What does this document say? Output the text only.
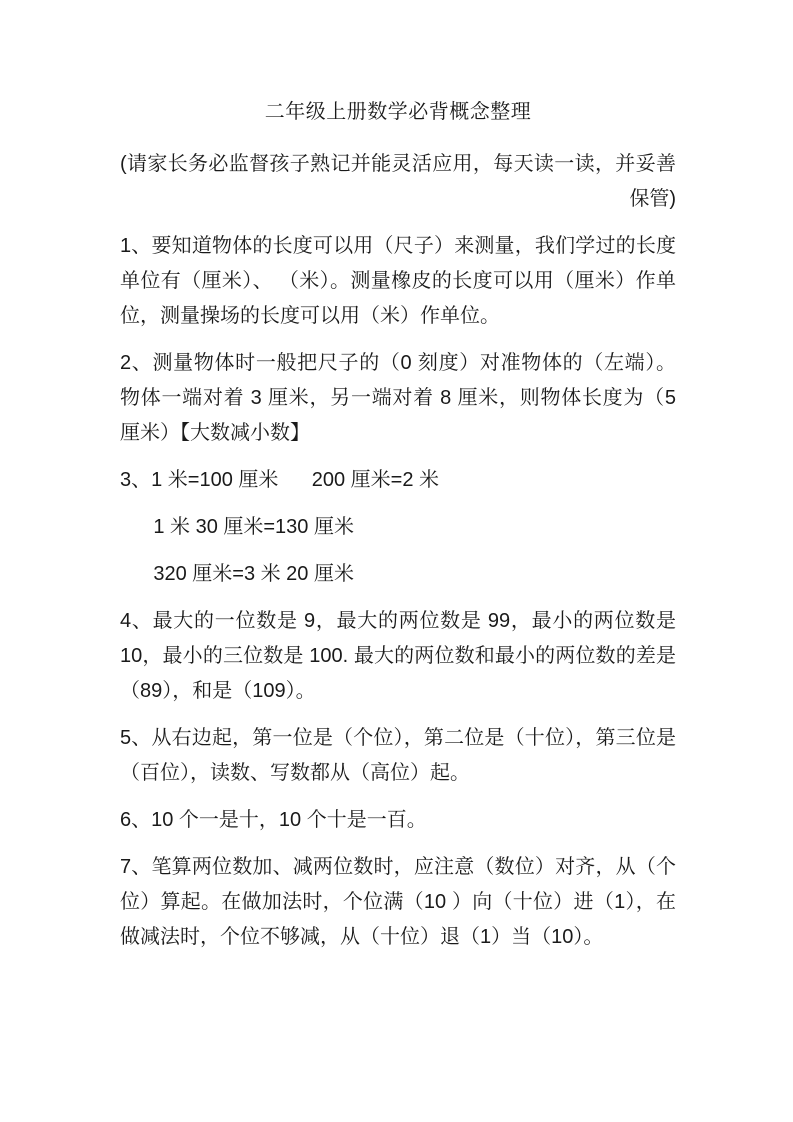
二年级上册数学必背概念整理
(请家长务必监督孩子熟记并能灵活应用，每天读一读，并妥善
保管)

1、要知道物体的长度可以用（尺子）来测量，我们学过的长度单位有（厘米）、 （米）。测量橡皮的长度可以用（厘米）作单位，测量操场的长度可以用（米）作单位。

2、测量物体时一般把尺子的（0 刻度）对准物体的（左端）。物体一端对着 3 厘米，另一端对着 8 厘米，则物体长度为（5 厘米）【大数减小数】

3、1 米=100 厘米      200 厘米=2 米

1 米 30 厘米=130 厘米

320 厘米=3 米 20 厘米

4、最大的一位数是 9，最大的两位数是 99，最小的两位数是 10，最小的三位数是 100. 最大的两位数和最小的两位数的差是（89），和是（109）。

5、从右边起，第一位是（个位），第二位是（十位），第三位是（百位），读数、写数都从（高位）起。

6、10 个一是十，10 个十是一百。

7、笔算两位数加、减两位数时，应注意（数位）对齐，从（个位）算起。在做加法时，个位满（10 ）向（十位）进（1），在做减法时，个位不够减，从（十位）退（1）当（10）。
